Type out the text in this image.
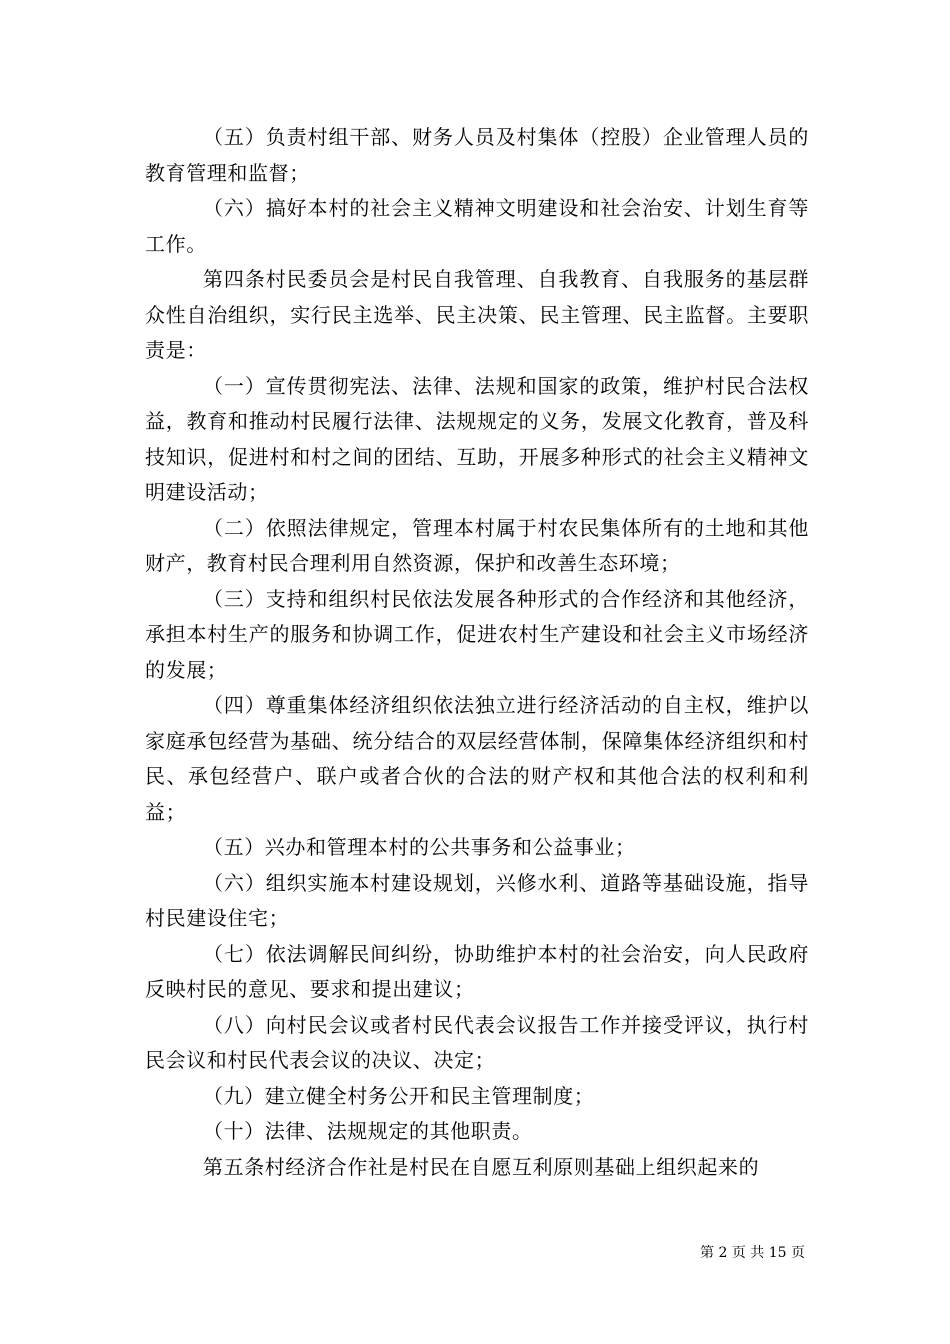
（五）负责村组干部、财务人员及村集体（控股）企业管理人员的教育管理和监督；

（六）搞好本村的社会主义精神文明建设和社会治安、计划生育等工作。

第四条村民委员会是村民自我管理、自我教育、自我服务的基层群众性自治组织，实行民主选举、民主决策、民主管理、民主监督。主要职责是：

（一）宣传贯彻宪法、法律、法规和国家的政策，维护村民合法权益，教育和推动村民履行法律、法规规定的义务，发展文化教育，普及科技知识，促进村和村之间的团结、互助，开展多种形式的社会主义精神文明建设活动；

（二）依照法律规定，管理本村属于村农民集体所有的土地和其他财产，教育村民合理利用自然资源，保护和改善生态环境；

（三）支持和组织村民依法发展各种形式的合作经济和其他经济，承担本村生产的服务和协调工作，促进农村生产建设和社会主义市场经济的发展；

（四）尊重集体经济组织依法独立进行经济活动的自主权，维护以家庭承包经营为基础、统分结合的双层经营体制，保障集体经济组织和村民、承包经营户、联户或者合伙的合法的财产权和其他合法的权利和利益；

（五）兴办和管理本村的公共事务和公益事业；

（六）组织实施本村建设规划，兴修水利、道路等基础设施，指导村民建设住宅；

（七）依法调解民间纠纷，协助维护本村的社会治安，向人民政府反映村民的意见、要求和提出建议；

（八）向村民会议或者村民代表会议报告工作并接受评议，执行村民会议和村民代表会议的决议、决定；

（九）建立健全村务公开和民主管理制度；

（十）法律、法规规定的其他职责。

第五条村经济合作社是村民在自愿互利原则基础上组织起来的

第 2 页 共 15 页
